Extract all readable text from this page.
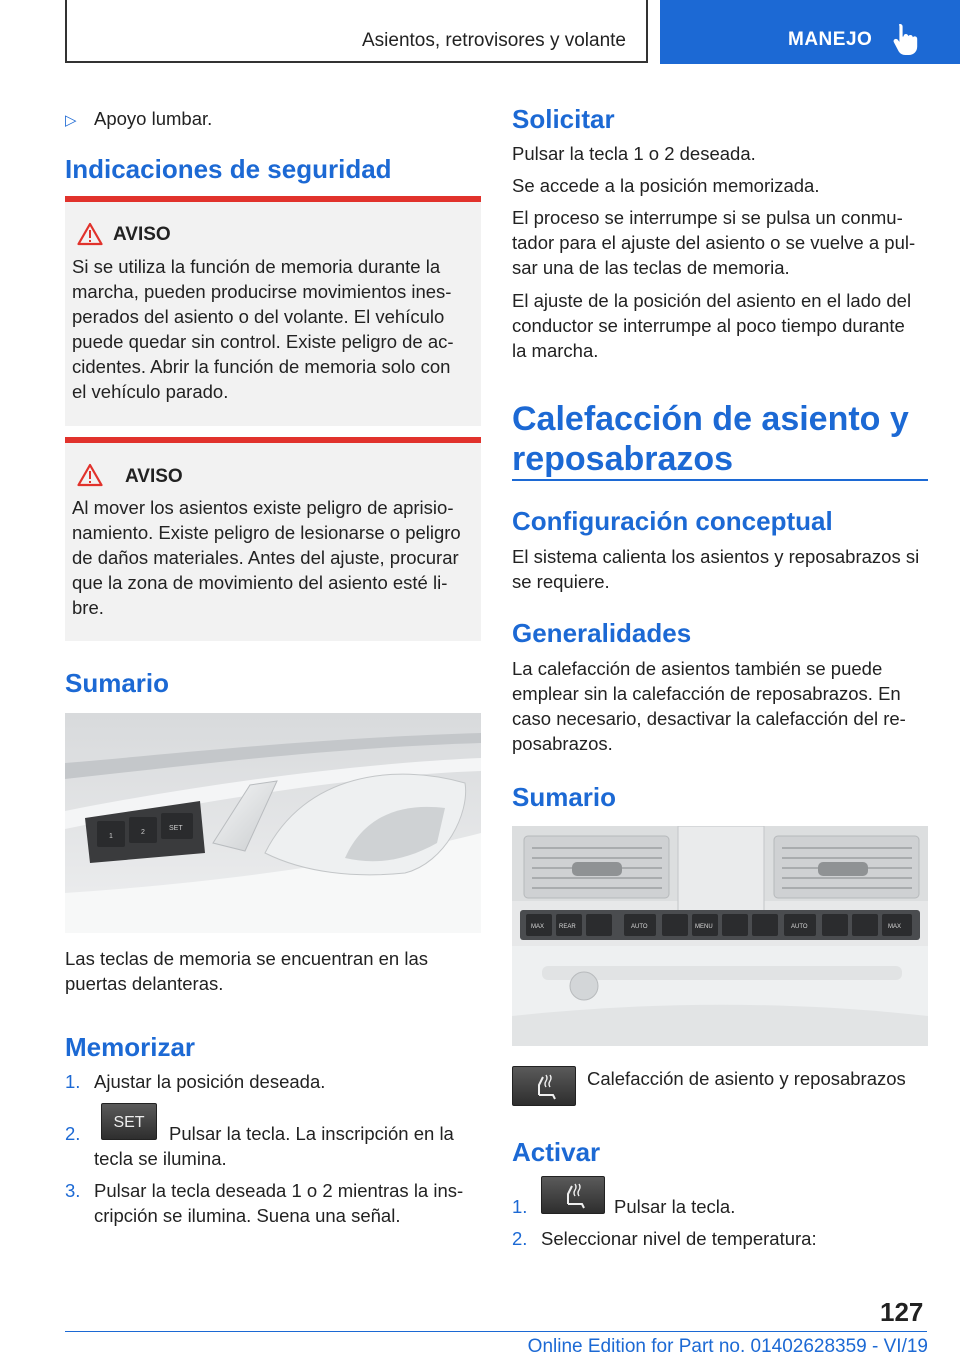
Asientos, retrovisores y volante	MANEJO
▷ Apoyo lumbar.
Indicaciones de seguridad
AVISO
Si se utiliza la función de memoria durante la
marcha, pueden producirse movimientos ines-
perados del asiento o del volante. El vehículo
puede quedar sin control. Existe peligro de ac-
cidentes. Abrir la función de memoria solo con
el vehículo parado.
AVISO
Al mover los asientos existe peligro de aprisio-
namiento. Existe peligro de lesionarse o peligro
de daños materiales. Antes del ajuste, procurar
que la zona de movimiento del asiento esté li-
bre.
Sumario
1
2
SET
Las teclas de memoria se encuentran en las
puertas delanteras.
Memorizar
1. Ajustar la posición deseada.
2.
SET
Pulsar la tecla. La inscripción en la
tecla se ilumina.
3. Pulsar la tecla deseada 1 o 2 mientras la ins-
cripción se ilumina. Suena una señal.
Solicitar
Pulsar la tecla 1 o 2 deseada.
Se accede a la posición memorizada.
El proceso se interrumpe si se pulsa un conmu-
tador para el ajuste del asiento o se vuelve a pul-
sar una de las teclas de memoria.
El ajuste de la posición del asiento en el lado del
conductor se interrumpe al poco tiempo durante
la marcha.
Calefacción de asiento y
reposabrazos
Configuración conceptual
El sistema calienta los asientos y reposabrazos si
se requiere.
Generalidades
La calefacción de asientos también se puede
emplear sin la calefacción de reposabrazos. En
caso necesario, desactivar la calefacción del re-
posabrazos.
Sumario
MAX REAR	AUTO	MENU	AUTO	MAX
Calefacción de asiento y reposabrazos
Activar
1.	Pulsar la tecla.
2. Seleccionar nivel de temperatura:
127
Online Edition for Part no. 01402628359 - VI/19
